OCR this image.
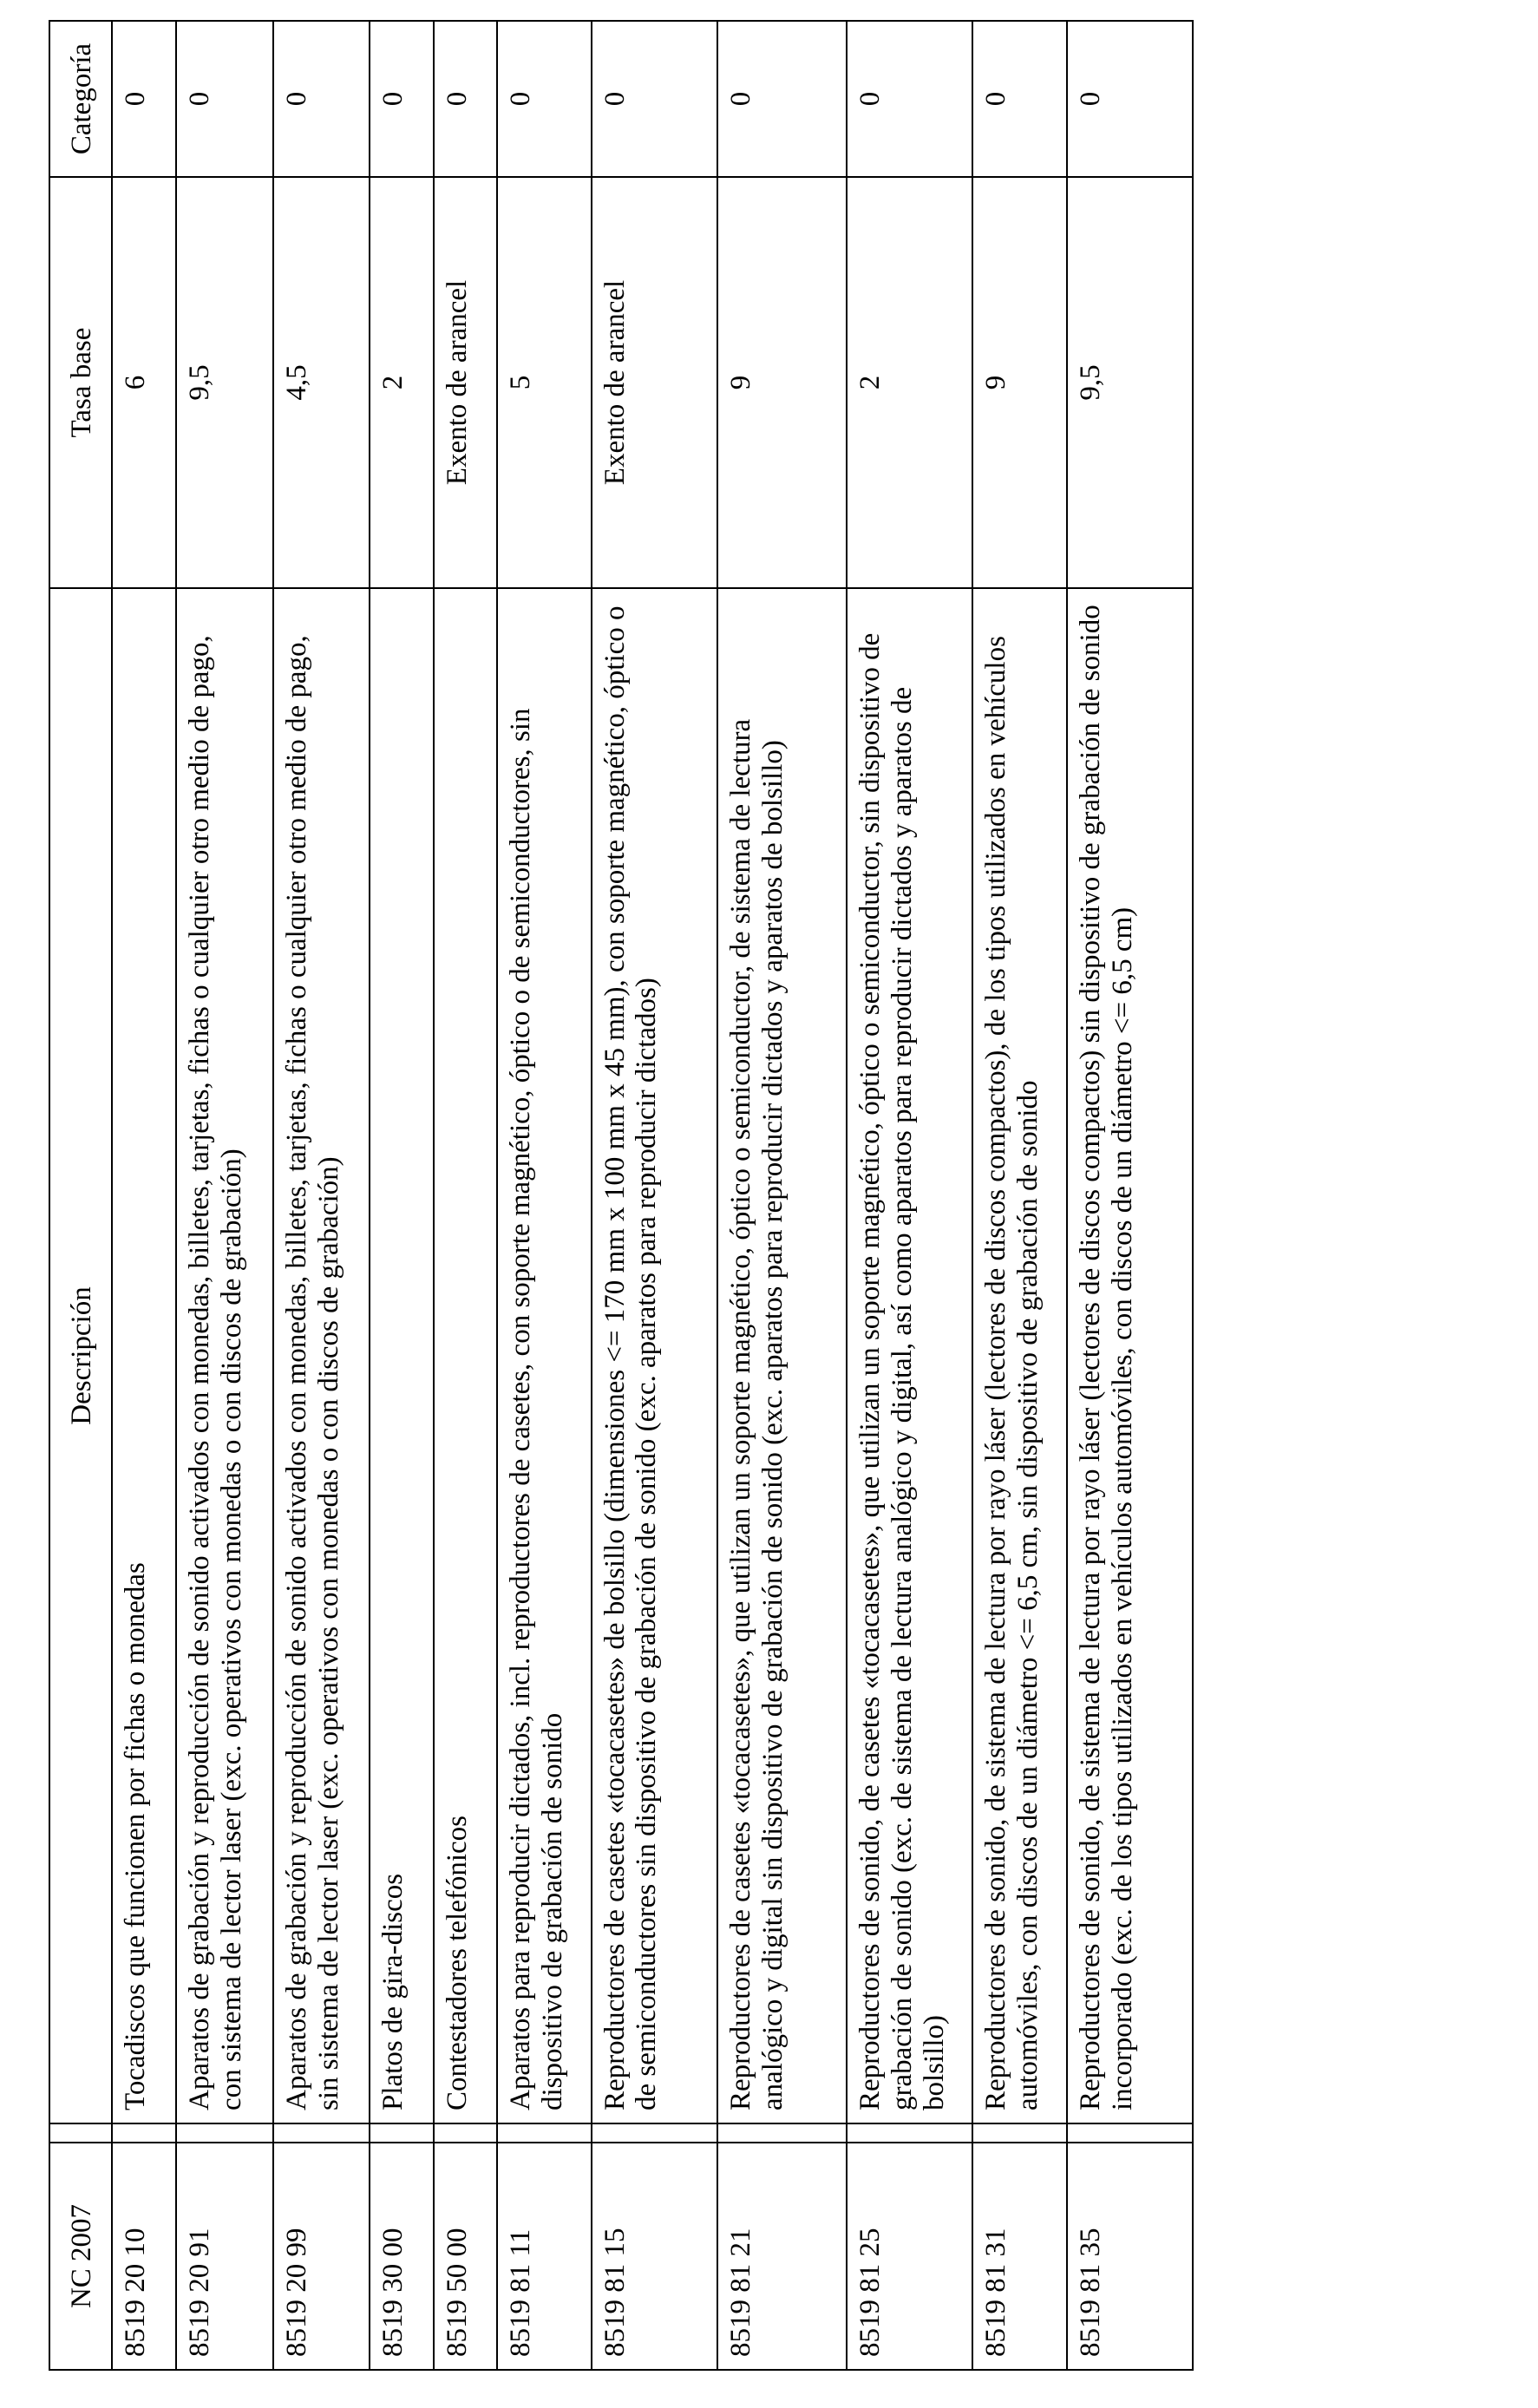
NC 2007		Descripción	Tasa base	Categoría
8519 20 10		Tocadiscos que funcionen por fichas o monedas	6	0
8519 20 91		Aparatos de grabación y reproducción de sonido activados con monedas, billetes, tarjetas, fichas o cualquier otro medio de pago, con sistema de lector laser (exc. operativos con monedas o con discos de grabación)	9,5	0
8519 20 99		Aparatos de grabación y reproducción de sonido activados con monedas, billetes, tarjetas, fichas o cualquier otro medio de pago, sin sistema de lector laser (exc. operativos con monedas o con discos de grabación)	4,5	0
8519 30 00		Platos de gira-discos	2	0
8519 50 00		Contestadores telefónicos	Exento de arancel	0
8519 81 11		Aparatos para reproducir dictados, incl. reproductores de casetes, con soporte magnético, óptico o de semiconductores, sin dispositivo de grabación de sonido	5	0
8519 81 15		Reproductores de casetes «tocacasetes» de bolsillo (dimensiones <= 170 mm x 100 mm x 45 mm), con soporte magnético, óptico o de semiconductores sin dispositivo de grabación de sonido (exc. aparatos para reproducir dictados)	Exento de arancel	0
8519 81 21		Reproductores de casetes «tocacasetes», que utilizan un soporte magnético, óptico o semiconductor, de sistema de lectura analógico y digital sin dispositivo de grabación de sonido (exc. aparatos para reproducir dictados y aparatos de bolsillo)	9	0
8519 81 25		Reproductores de sonido, de casetes «tocacasetes», que utilizan un soporte magnético, óptico o semiconductor, sin dispositivo de grabación de sonido (exc. de sistema de lectura analógico y digital, así como aparatos para reproducir dictados y aparatos de bolsillo)	2	0
8519 81 31		Reproductores de sonido, de sistema de lectura por rayo láser (lectores de discos compactos), de los tipos utilizados en vehículos automóviles, con discos de un diámetro <= 6,5 cm, sin dispositivo de grabación de sonido	9	0
8519 81 35		Reproductores de sonido, de sistema de lectura por rayo láser (lectores de discos compactos) sin dispositivo de grabación de sonido incorporado (exc. de los tipos utilizados en vehículos automóviles, con discos de un diámetro <= 6,5 cm)	9,5	0
